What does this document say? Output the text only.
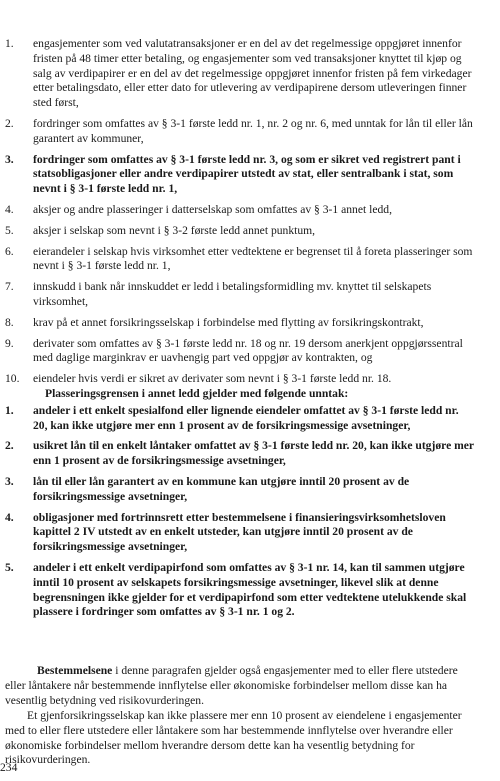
1. engasjementer som ved valutatransaksjoner er en del av det regelmessige oppgjøret innenfor fristen på 48 timer etter betaling, og engasjementer som ved transaksjoner knyttet til kjøp og salg av verdipapirer er en del av det regelmessige oppgjøret innenfor fristen på fem virkedager etter betalingsdato, eller etter dato for utlevering av verdipapirene dersom utleveringen finner sted først,
2. fordringer som omfattes av § 3-1 første ledd nr. 1, nr. 2 og nr. 6, med unntak for lån til eller lån garantert av kommuner,
3. fordringer som omfattes av § 3-1 første ledd nr. 3, og som er sikret ved registrert pant i statsobligasjoner eller andre verdipapirer utstedt av stat, eller sentralbank i stat, som nevnt i § 3-1 første ledd nr. 1,
4. aksjer og andre plasseringer i datterselskap som omfattes av § 3-1 annet ledd,
5. aksjer i selskap som nevnt i § 3-2 første ledd annet punktum,
6. eierandeler i selskap hvis virksomhet etter vedtektene er begrenset til å foreta plasseringer som nevnt i § 3-1 første ledd nr. 1,
7. innskudd i bank når innskuddet er ledd i betalingsformidling mv. knyttet til selskapets virksomhet,
8. krav på et annet forsikringsselskap i forbindelse med flytting av forsikringskontrakt,
9. derivater som omfattes av § 3-1 første ledd nr. 18 og nr. 19 dersom anerkjent oppgjørssentral med daglige marginkrav er uavhengig part ved oppgjør av kontrakten, og
10. eiendeler hvis verdi er sikret av derivater som nevnt i § 3-1 første ledd nr. 18.
Plasseringsgrensen i annet ledd gjelder med følgende unntak:
1. andeler i ett enkelt spesialfond eller lignende eiendeler omfattet av § 3-1 første ledd nr. 20, kan ikke utgjøre mer enn 1 prosent av de forsikringsmessige avsetninger,
2. usikret lån til en enkelt låntaker omfattet av § 3-1 første ledd nr. 20, kan ikke utgjøre mer enn 1 prosent av de forsikringsmessige avsetninger,
3. lån til eller lån garantert av en kommune kan utgjøre inntil 20 prosent av de forsikringsmessige avsetninger,
4. obligasjoner med fortrinnsrett etter bestemmelsene i finansieringsvirksomhetsloven kapittel 2 IV utstedt av en enkelt utsteder, kan utgjøre inntil 20 prosent av de forsikringsmessige avsetninger,
5. andeler i ett enkelt verdipapirfond som omfattes av § 3-1 nr. 14, kan til sammen utgjøre inntil 10 prosent av selskapets forsikringsmessige avsetninger, likevel slik at denne begrensningen ikke gjelder for et verdipapirfond som etter vedtektene utelukkende skal plassere i fordringer som omfattes av § 3-1 nr. 1 og 2.
Bestemmelsene i denne paragrafen gjelder også engasjementer med to eller flere utstedere eller låntakere når bestemmende innflytelse eller økonomiske forbindelser mellom disse kan ha vesentlig betydning ved risikovurderingen.
Et gjenforsikringsselskap kan ikke plassere mer enn 10 prosent av eiendelene i engasjementer med to eller flere utstedere eller låntakere som har bestemmende innflytelse over hverandre eller økonomiske forbindelser mellom hverandre dersom dette kan ha vesentlig betydning for risikovurderingen.
234
